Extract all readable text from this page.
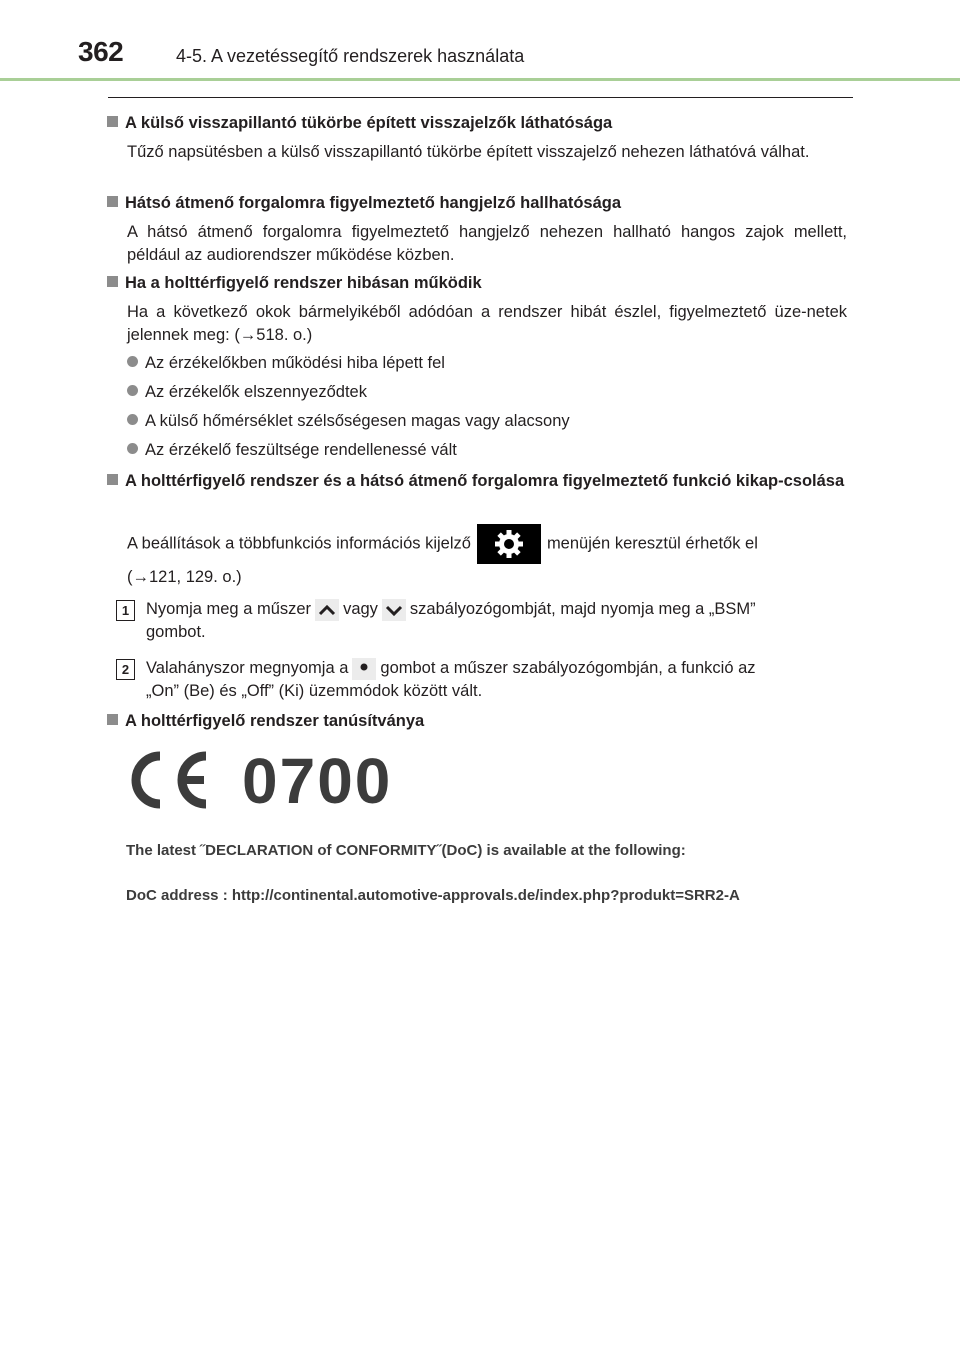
362	4-5. A vezetéssegítő rendszerek használata
A külső visszapillantó tükörbe épített visszajelzők láthatósága
Tűző napsütésben a külső visszapillantó tükörbe épített visszajelző nehezen láthatóvá válhat.
Hátsó átmenő forgalomra figyelmeztető hangjelző hallhatósága
A hátsó átmenő forgalomra figyelmeztető hangjelző nehezen hallható hangos zajok mellett, például az audiorendszer működése közben.
Ha a holttérfigyelő rendszer hibásan működik
Ha a következő okok bármelyikéből adódóan a rendszer hibát észlel, figyelmeztető üze-netek jelennek meg: (→518. o.)
Az érzékelőkben működési hiba lépett fel
Az érzékelők elszennyeződtek
A külső hőmérséklet szélsőségesen magas vagy alacsony
Az érzékelő feszültsége rendellenessé vált
A holttérfigyelő rendszer és a hátsó átmenő forgalomra figyelmeztető funkció kikap-csolása
A beállítások a többfunkciós információs kijelző	menüjén keresztül érhetők el
(→121, 129. o.)
1	Nyomja meg a műszer vagy szabályozógombját, majd nyomja meg a „BSM”
gombot.
2	Valahányszor megnyomja a gombot a műszer szabályozógombján, a funkció az
„On” (Be) és „Off” (Ki) üzemmódok között vált.
A holttérfigyelő rendszer tanúsítványa
0700
The latest ˝DECLARATION of CONFORMITY˝(DoC) is available at the following:
DoC address : http://continental.automotive-approvals.de/index.php?produkt=SRR2-A
